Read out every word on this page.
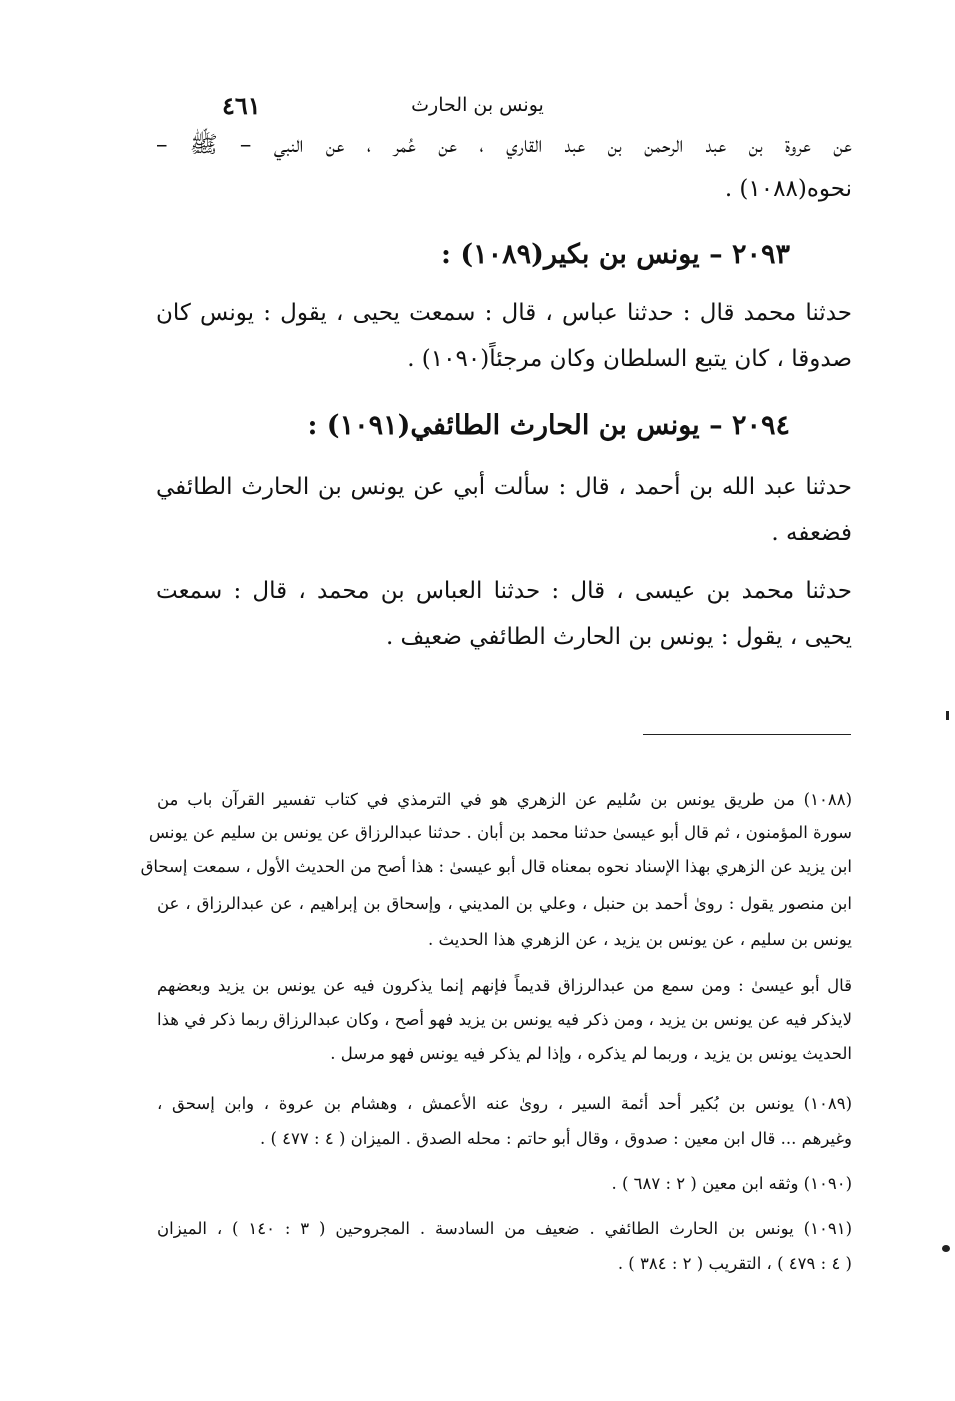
يونس بن الحارث
٤٦١
عن عروة بن عبد الرحمن بن عبد القاري ، عن عُمر ، عن النبي – ﷺ –
نحوه(١٠٨٨) .
٢٠٩٣ – يونس بن بكير(١٠٨٩) :
حدثنا محمد قال : حدثنا عباس ، قال : سمعت يحيى ، يقول : يونس كان
صدوقا ، كان يتبع السلطان وكان مرجئاً(١٠٩٠) .
٢٠٩٤ – يونس بن الحارث الطائفي(١٠٩١) :
حدثنا عبد الله بن أحمد ، قال : سألت أبي عن يونس بن الحارث الطائفي
فضعفه .
حدثنا محمد بن عيسى ، قال : حدثنا العباس بن محمد ، قال : سمعت
يحيى ، يقول : يونس بن الحارث الطائفي ضعيف .
(١٠٨٨) من طريق يونس بن سُليم عن الزهري هو في الترمذي في كتاب تفسير القرآن باب من
سورة المؤمنون ، ثم قال أبو عيسىٰ حدثنا محمد بن أبان . حدثنا عبدالرزاق عن يونس بن سليم عن يونس
ابن يزيد عن الزهري بهذا الإسناد نحوه بمعناه قال أبو عيسىٰ : هذا أصح من الحديث الأول ، سمعت إسحاق
ابن منصور يقول : روىٰ أحمد بن حنبل ، وعلي بن المديني ، وإسحاق بن إبراهيم ، عن عبدالرزاق ، عن
يونس بن سليم ، عن يونس بن يزيد ، عن الزهري هذا الحديث .
قال أبو عيسىٰ : ومن سمع من عبدالرزاق قديماً فإنهم إنما يذكرون فيه عن يونس بن يزيد وبعضهم
لايذكر فيه عن يونس بن يزيد ، ومن ذكر فيه يونس بن يزيد فهو أصح ، وكان عبدالرزاق ربما ذكر في هذا
الحديث يونس بن يزيد ، وربما لم يذكره ، وإذا لم يذكر فيه يونس فهو مرسل .
(١٠٨٩) يونس بن بُكير أحد أئمة السير ، روىٰ عنه الأعمش ، وهشام بن عروة ، وابن إسحق ،
وغيرهم ... قال ابن معين : صدوق ، وقال أبو حاتم : محله الصدق . الميزان ( ٤ : ٤٧٧ ) .
(١٠٩٠) وثقه ابن معين ( ٢ : ٦٨٧ ) .
(١٠٩١) يونس بن الحارث الطائفي . ضعيف من السادسة . المجروحين ( ٣ : ١٤٠ ) ، الميزان
( ٤ : ٤٧٩ ) ، التقريب ( ٢ : ٣٨٤ ) .
